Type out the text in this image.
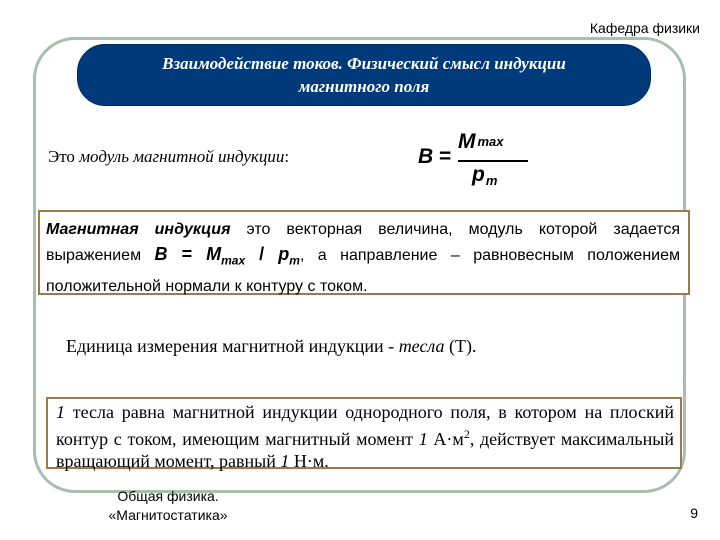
Кафедра физики
Взаимодействие токов. Физический смысл индукции
магнитного поля
Это модуль магнитной индукции:	B =
M $_{max}$
$p_m$
Магнитная индукция это векторная величина, модуль которой задается выражением $B = M_{max} / p_m$, а направление – равновесным положением положительной нормали к контуру с током.
Единица измерения магнитной индукции - тесла (Т).
1 тесла равна магнитной индукции однородного поля, в котором на плоский контур с током, имеющим магнитный момент 1 $А\cdot м^2$, действует максимальный вращающий момент, равный 1 Н·м.
Общая физика.
«Магнитостатика»	9
